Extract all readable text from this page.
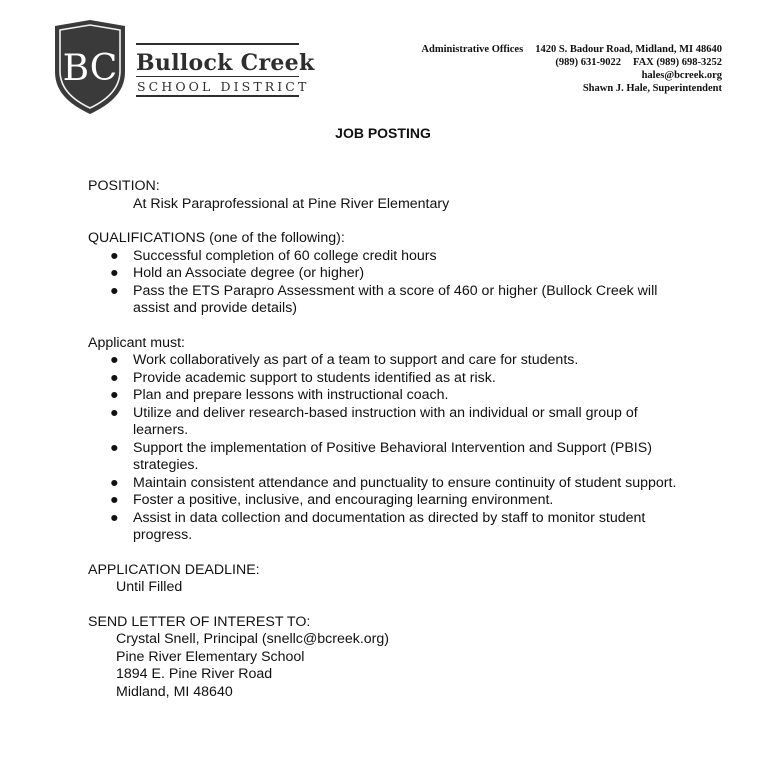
BC Bullock Creek
SCHOOL DISTRICT
Administrative Offices 1420 S. Badour Road, Midland, MI 48640
(989) 631-9022 FAX (989) 698-3252
hales@bcreek.org
Shawn J. Hale, Superintendent
JOB POSTING
POSITION:
At Risk Paraprofessional at Pine River Elementary
QUALIFICATIONS (one of the following):
● Successful completion of 60 college credit hours
● Hold an Associate degree (or higher)
● Pass the ETS Parapro Assessment with a score of 460 or higher (Bullock Creek will assist and provide details)
Applicant must:
● Work collaboratively as part of a team to support and care for students.
● Provide academic support to students identified as at risk.
● Plan and prepare lessons with instructional coach.
● Utilize and deliver research-based instruction with an individual or small group of learners.
● Support the implementation of Positive Behavioral Intervention and Support (PBIS) strategies.
● Maintain consistent attendance and punctuality to ensure continuity of student support.
● Foster a positive, inclusive, and encouraging learning environment.
● Assist in data collection and documentation as directed by staff to monitor student progress.
APPLICATION DEADLINE:
Until Filled
SEND LETTER OF INTEREST TO:
Crystal Snell, Principal (snellc@bcreek.org)
Pine River Elementary School
1894 E. Pine River Road
Midland, MI 48640
